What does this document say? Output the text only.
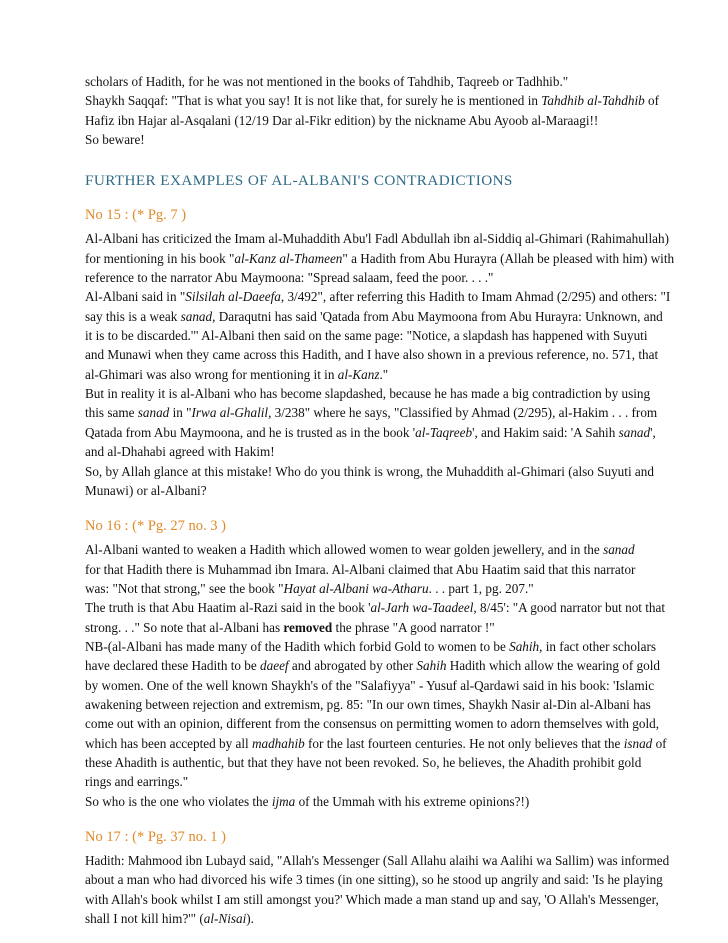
scholars of Hadith, for he was not mentioned in the books of Tahdhib, Taqreeb or Tadhhib."
Shaykh Saqqaf: "That is what you say! It is not like that, for surely he is mentioned in Tahdhib al-Tahdhib of
Hafiz ibn Hajar al-Asqalani (12/19 Dar al-Fikr edition) by the nickname Abu Ayoob al-Maraagi!!
So beware!
FURTHER EXAMPLES OF AL-ALBANI'S CONTRADICTIONS
No 15 : (* Pg. 7 )
Al-Albani has criticized the Imam al-Muhaddith Abu'l Fadl Abdullah ibn al-Siddiq al-Ghimari (Rahimahullah)
for mentioning in his book "al-Kanz al-Thameen" a Hadith from Abu Hurayra (Allah be pleased with him) with
reference to the narrator Abu Maymoona: "Spread salaam, feed the poor. . . ."
Al-Albani said in "Silsilah al-Daeefa, 3/492", after referring this Hadith to Imam Ahmad (2/295) and others: "I
say this is a weak sanad, Daraqutni has said 'Qatada from Abu Maymoona from Abu Hurayra: Unknown, and
it is to be discarded.'" Al-Albani then said on the same page: "Notice, a slapdash has happened with Suyuti
and Munawi when they came across this Hadith, and I have also shown in a previous reference, no. 571, that
al-Ghimari was also wrong for mentioning it in al-Kanz."
But in reality it is al-Albani who has become slapdashed, because he has made a big contradiction by using
this same sanad in "Irwa al-Ghalil, 3/238" where he says, "Classified by Ahmad (2/295), al-Hakim . . . from
Qatada from Abu Maymoona, and he is trusted as in the book 'al-Taqreeb', and Hakim said: 'A Sahih sanad',
and al-Dhahabi agreed with Hakim!
So, by Allah glance at this mistake! Who do you think is wrong, the Muhaddith al-Ghimari (also Suyuti and
Munawi) or al-Albani?
No 16 : (* Pg. 27 no. 3 )
Al-Albani wanted to weaken a Hadith which allowed women to wear golden jewellery, and in the sanad
for that Hadith there is Muhammad ibn Imara. Al-Albani claimed that Abu Haatim said that this narrator
was: "Not that strong," see the book "Hayat al-Albani wa-Atharu. . . part 1, pg. 207."
The truth is that Abu Haatim al-Razi said in the book 'al-Jarh wa-Taadeel, 8/45': "A good narrator but not that
strong. . ." So note that al-Albani has removed the phrase "A good narrator !"
NB-(al-Albani has made many of the Hadith which forbid Gold to women to be Sahih, in fact other scholars
have declared these Hadith to be daeef and abrogated by other Sahih Hadith which allow the wearing of gold
by women. One of the well known Shaykh's of the "Salafiyya" - Yusuf al-Qardawi said in his book: 'Islamic
awakening between rejection and extremism, pg. 85: "In our own times, Shaykh Nasir al-Din al-Albani has
come out with an opinion, different from the consensus on permitting women to adorn themselves with gold,
which has been accepted by all madhahib for the last fourteen centuries. He not only believes that the isnad of
these Ahadith is authentic, but that they have not been revoked. So, he believes, the Ahadith prohibit gold
rings and earrings."
So who is the one who violates the ijma of the Ummah with his extreme opinions?!)
No 17 : (* Pg. 37 no. 1 )
Hadith: Mahmood ibn Lubayd said, "Allah's Messenger (Sall Allahu alaihi wa Aalihi wa Sallim) was informed
about a man who had divorced his wife 3 times (in one sitting), so he stood up angrily and said: 'Is he playing
with Allah's book whilst I am still amongst you?' Which made a man stand up and say, 'O Allah's Messenger,
shall I not kill him?'" (al-Nisai).
